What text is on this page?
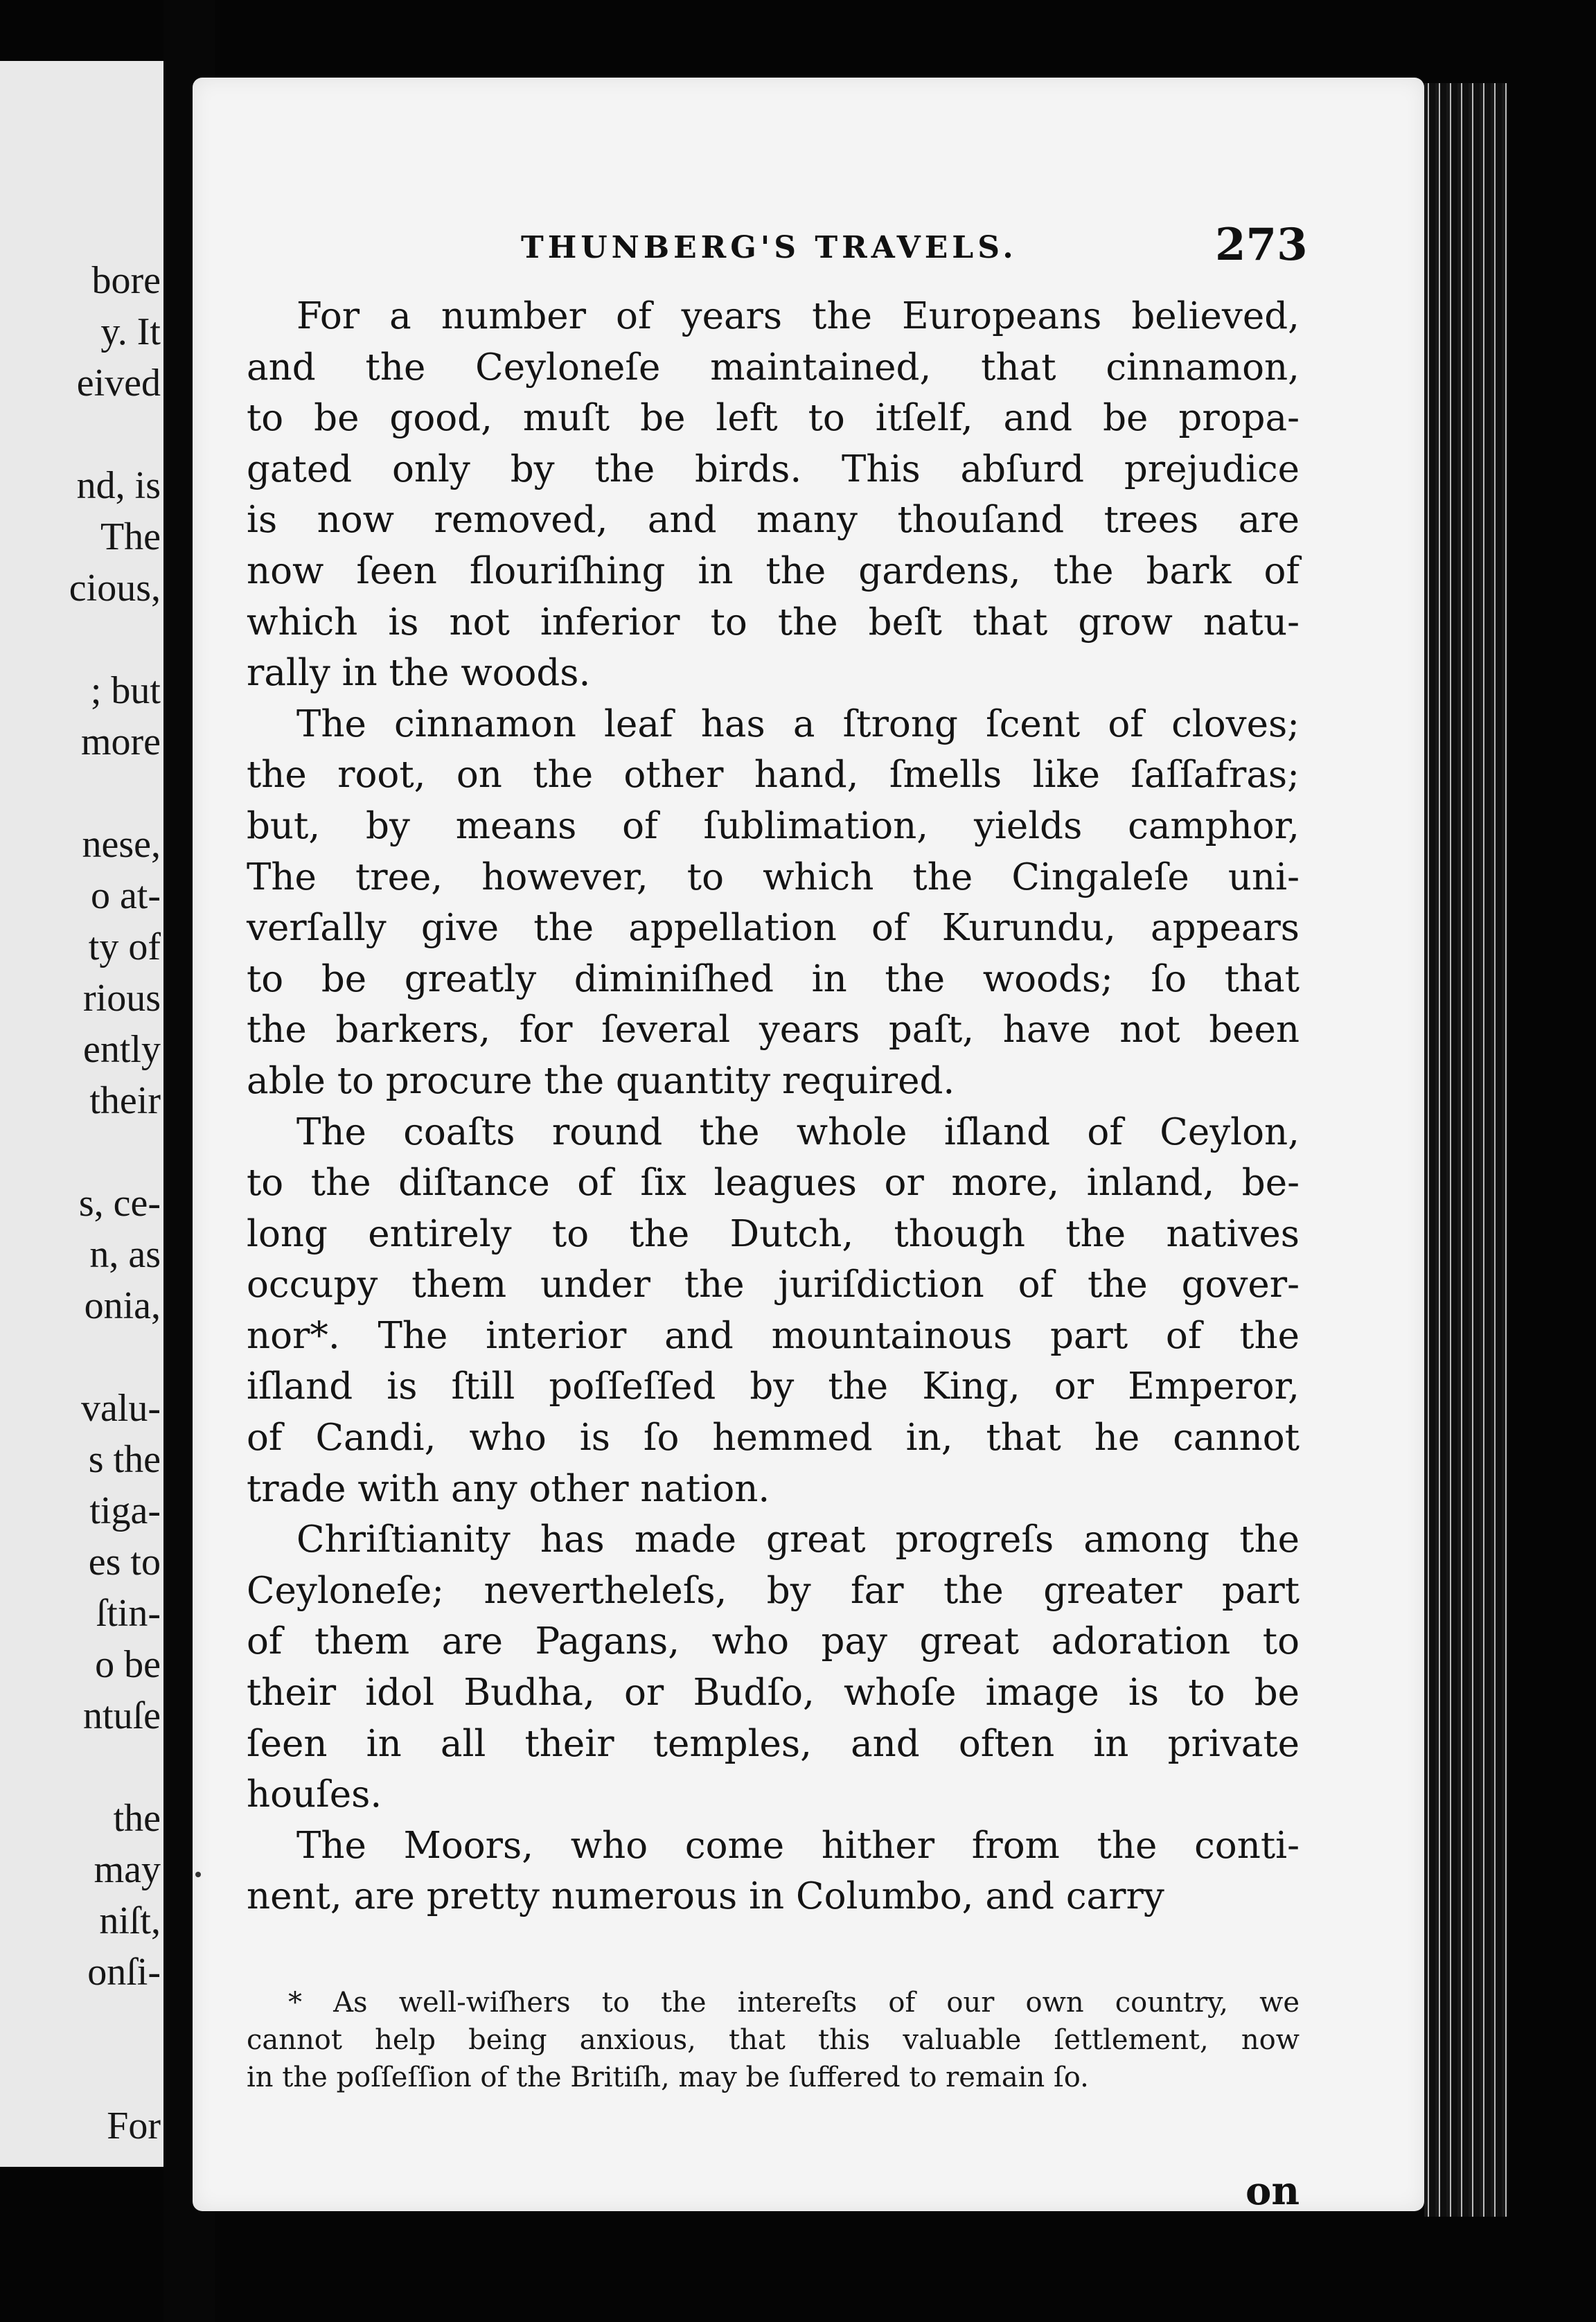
bore
y. It
eived
nd, is
The
cious,
; but
more
nese,
o at-
ty of
rious
ently
their
s, ce-
n, as
onia,
valu-
s the
tiga-
es to
ſtin-
o be
ntuſe
the
may
niſt,
onſi-
For
THUNBERG'S TRAVELS.	273
For a number of years the Europeans believed,
and the Ceyloneſe maintained, that cinnamon,
to be good, muſt be left to itſelf, and be propa-
gated only by the birds. This abſurd prejudice
is now removed, and many thouſand trees are
now ſeen flouriſhing in the gardens, the bark of
which is not inferior to the beſt that grow natu-
rally in the woods.
The cinnamon leaf has a ſtrong ſcent of cloves;
the root, on the other hand, ſmells like ſaſſafras;
but, by means of ſublimation, yields camphor,
The tree, however, to which the Cingaleſe uni-
verſally give the appellation of Kurundu, appears
to be greatly diminiſhed in the woods; ſo that
the barkers, for ſeveral years paſt, have not been
able to procure the quantity required.
The coaſts round the whole iſland of Ceylon,
to the diſtance of ſix leagues or more, inland, be-
long entirely to the Dutch, though the natives
occupy them under the juriſdiction of the gover-
nor*. The interior and mountainous part of the
iſland is ſtill poſſeſſed by the King, or Emperor,
of Candi, who is ſo hemmed in, that he cannot
trade with any other nation.
Chriſtianity has made great progreſs among the
Ceyloneſe; nevertheleſs, by far the greater part
of them are Pagans, who pay great adoration to
their idol Budha, or Budſo, whoſe image is to be
ſeen in all their temples, and often in private
houſes.
The Moors, who come hither from the conti-
nent, are pretty numerous in Columbo, and carry
* As well-wiſhers to the intereſts of our own country, we
cannot help being anxious, that this valuable ſettlement, now
in the poſſeſſion of the Britiſh, may be ſuffered to remain ſo.
on
